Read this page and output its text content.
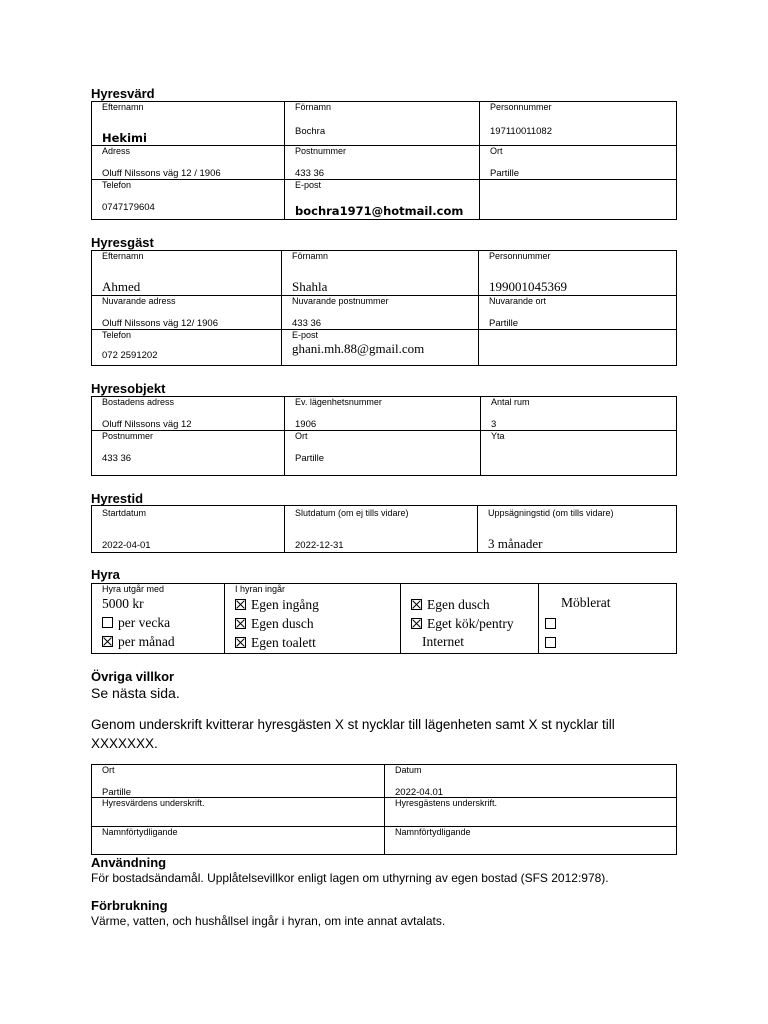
Hyresvärd
Efternamn
Hekimi	Förnamn
Bochra	Personnummer
197110011082

Adress
Oluff Nilssons väg 12 / 1906	Postnummer
433 36	Ort
Partille

Telefon
0747179604	E-post
bochra1971@hotmail.com	

Hyresgäst
Efternamn
Ahmed	Förnamn
Shahla	Personnummer
199001045369

Nuvarande adress
Oluff Nilssons väg 12/ 1906	Nuvarande postnummer
433 36	Nuvarande ort
Partille

Telefon
072 2591202	E-post
ghani.mh.88@gmail.com	

Hyresobjekt
Bostadens adress
Oluff Nilssons väg 12	Ev. lägenhetsnummer
1906	Antal rum
3

Postnummer
433 36	Ort
Partille	Yta
Hyrestid
Startdatum
2022-04-01

Slutdatum (om ej tills vidare)
2022-12-31

Uppsägningstid (om tills vidare)
3 månader
Hyra
Hyra utgår med
5000 kr
per vecka
per månad

I hyran ingår
Egen ingång
Egen dusch
Egen toalett

Egen dusch
Eget kök/pentry
Internet

Möblerat
Övriga villkor
Se nästa sida.
Genom underskrift kvitterar hyresgästen X st nycklar till lägenheten samt X st nycklar till
XXXXXXX.
Ort
Partille	Datum
2022-04.01

Hyresvärdens underskrift.	Hyresgästens underskrift.

Namnförtydligande	Namnförtydligande
Användning
För bostadsändamål. Upplåtelsevillkor enligt lagen om uthyrning av egen bostad (SFS 2012:978).
Förbrukning
Värme, vatten, och hushållsel ingår i hyran, om inte annat avtalats.
